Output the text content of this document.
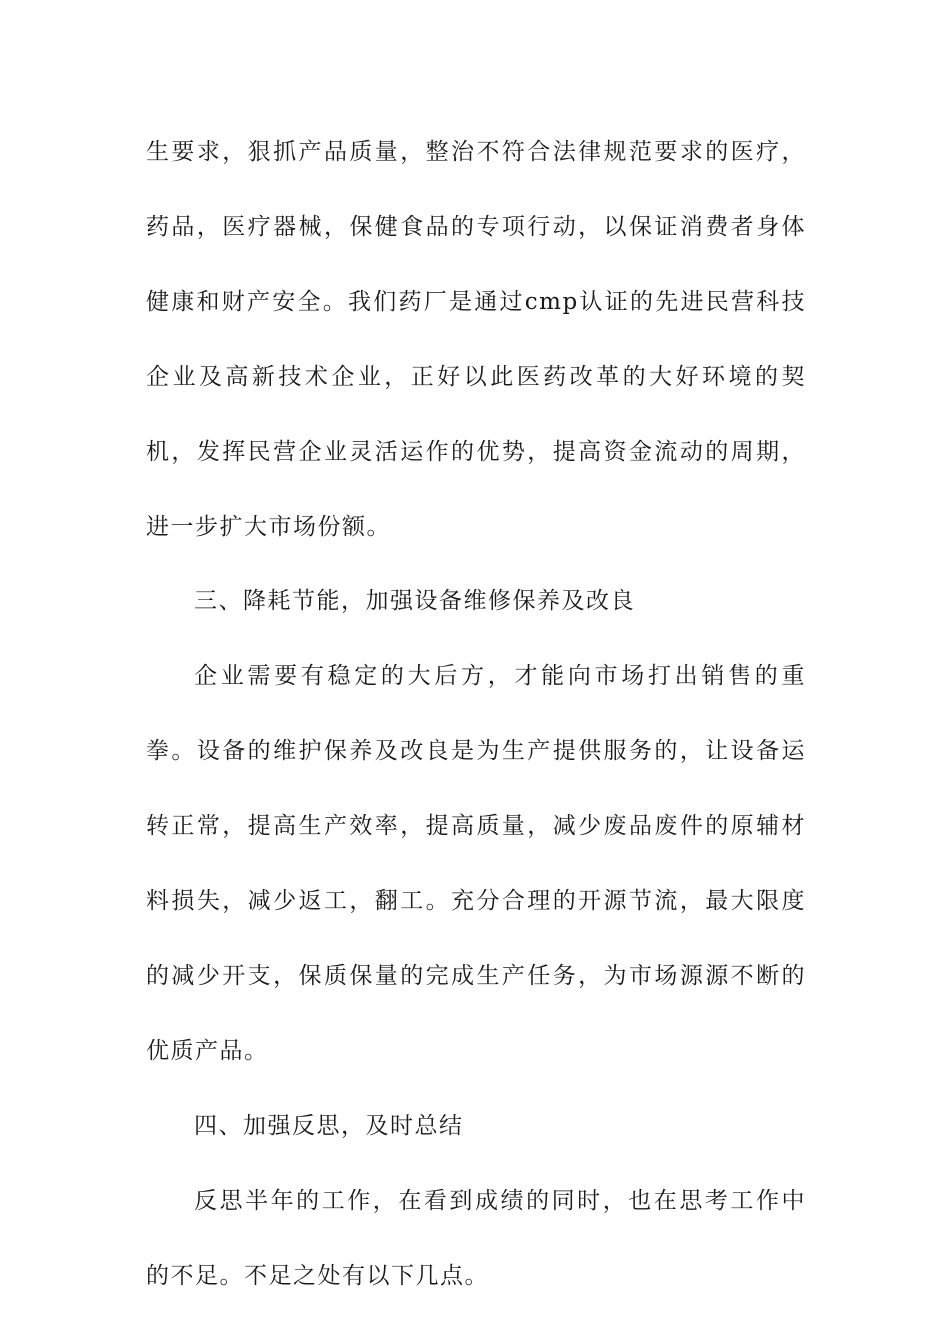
生要求，狠抓产品质量，整治不符合法律规范要求的医疗，药品，医疗器械，保健食品的专项行动，以保证消费者身体健康和财产安全。我们药厂是通过cmp认证的先进民营科技企业及高新技术企业，正好以此医药改革的大好环境的契机，发挥民营企业灵活运作的优势，提高资金流动的周期，进一步扩大市场份额。

三、降耗节能，加强设备维修保养及改良

企业需要有稳定的大后方，才能向市场打出销售的重拳。设备的维护保养及改良是为生产提供服务的，让设备运转正常，提高生产效率，提高质量，减少废品废件的原辅材料损失，减少返工，翻工。充分合理的开源节流，最大限度的减少开支，保质保量的完成生产任务，为市场源源不断的优质产品。

四、加强反思，及时总结

反思半年的工作，在看到成绩的同时，也在思考工作中的不足。不足之处有以下几点。
